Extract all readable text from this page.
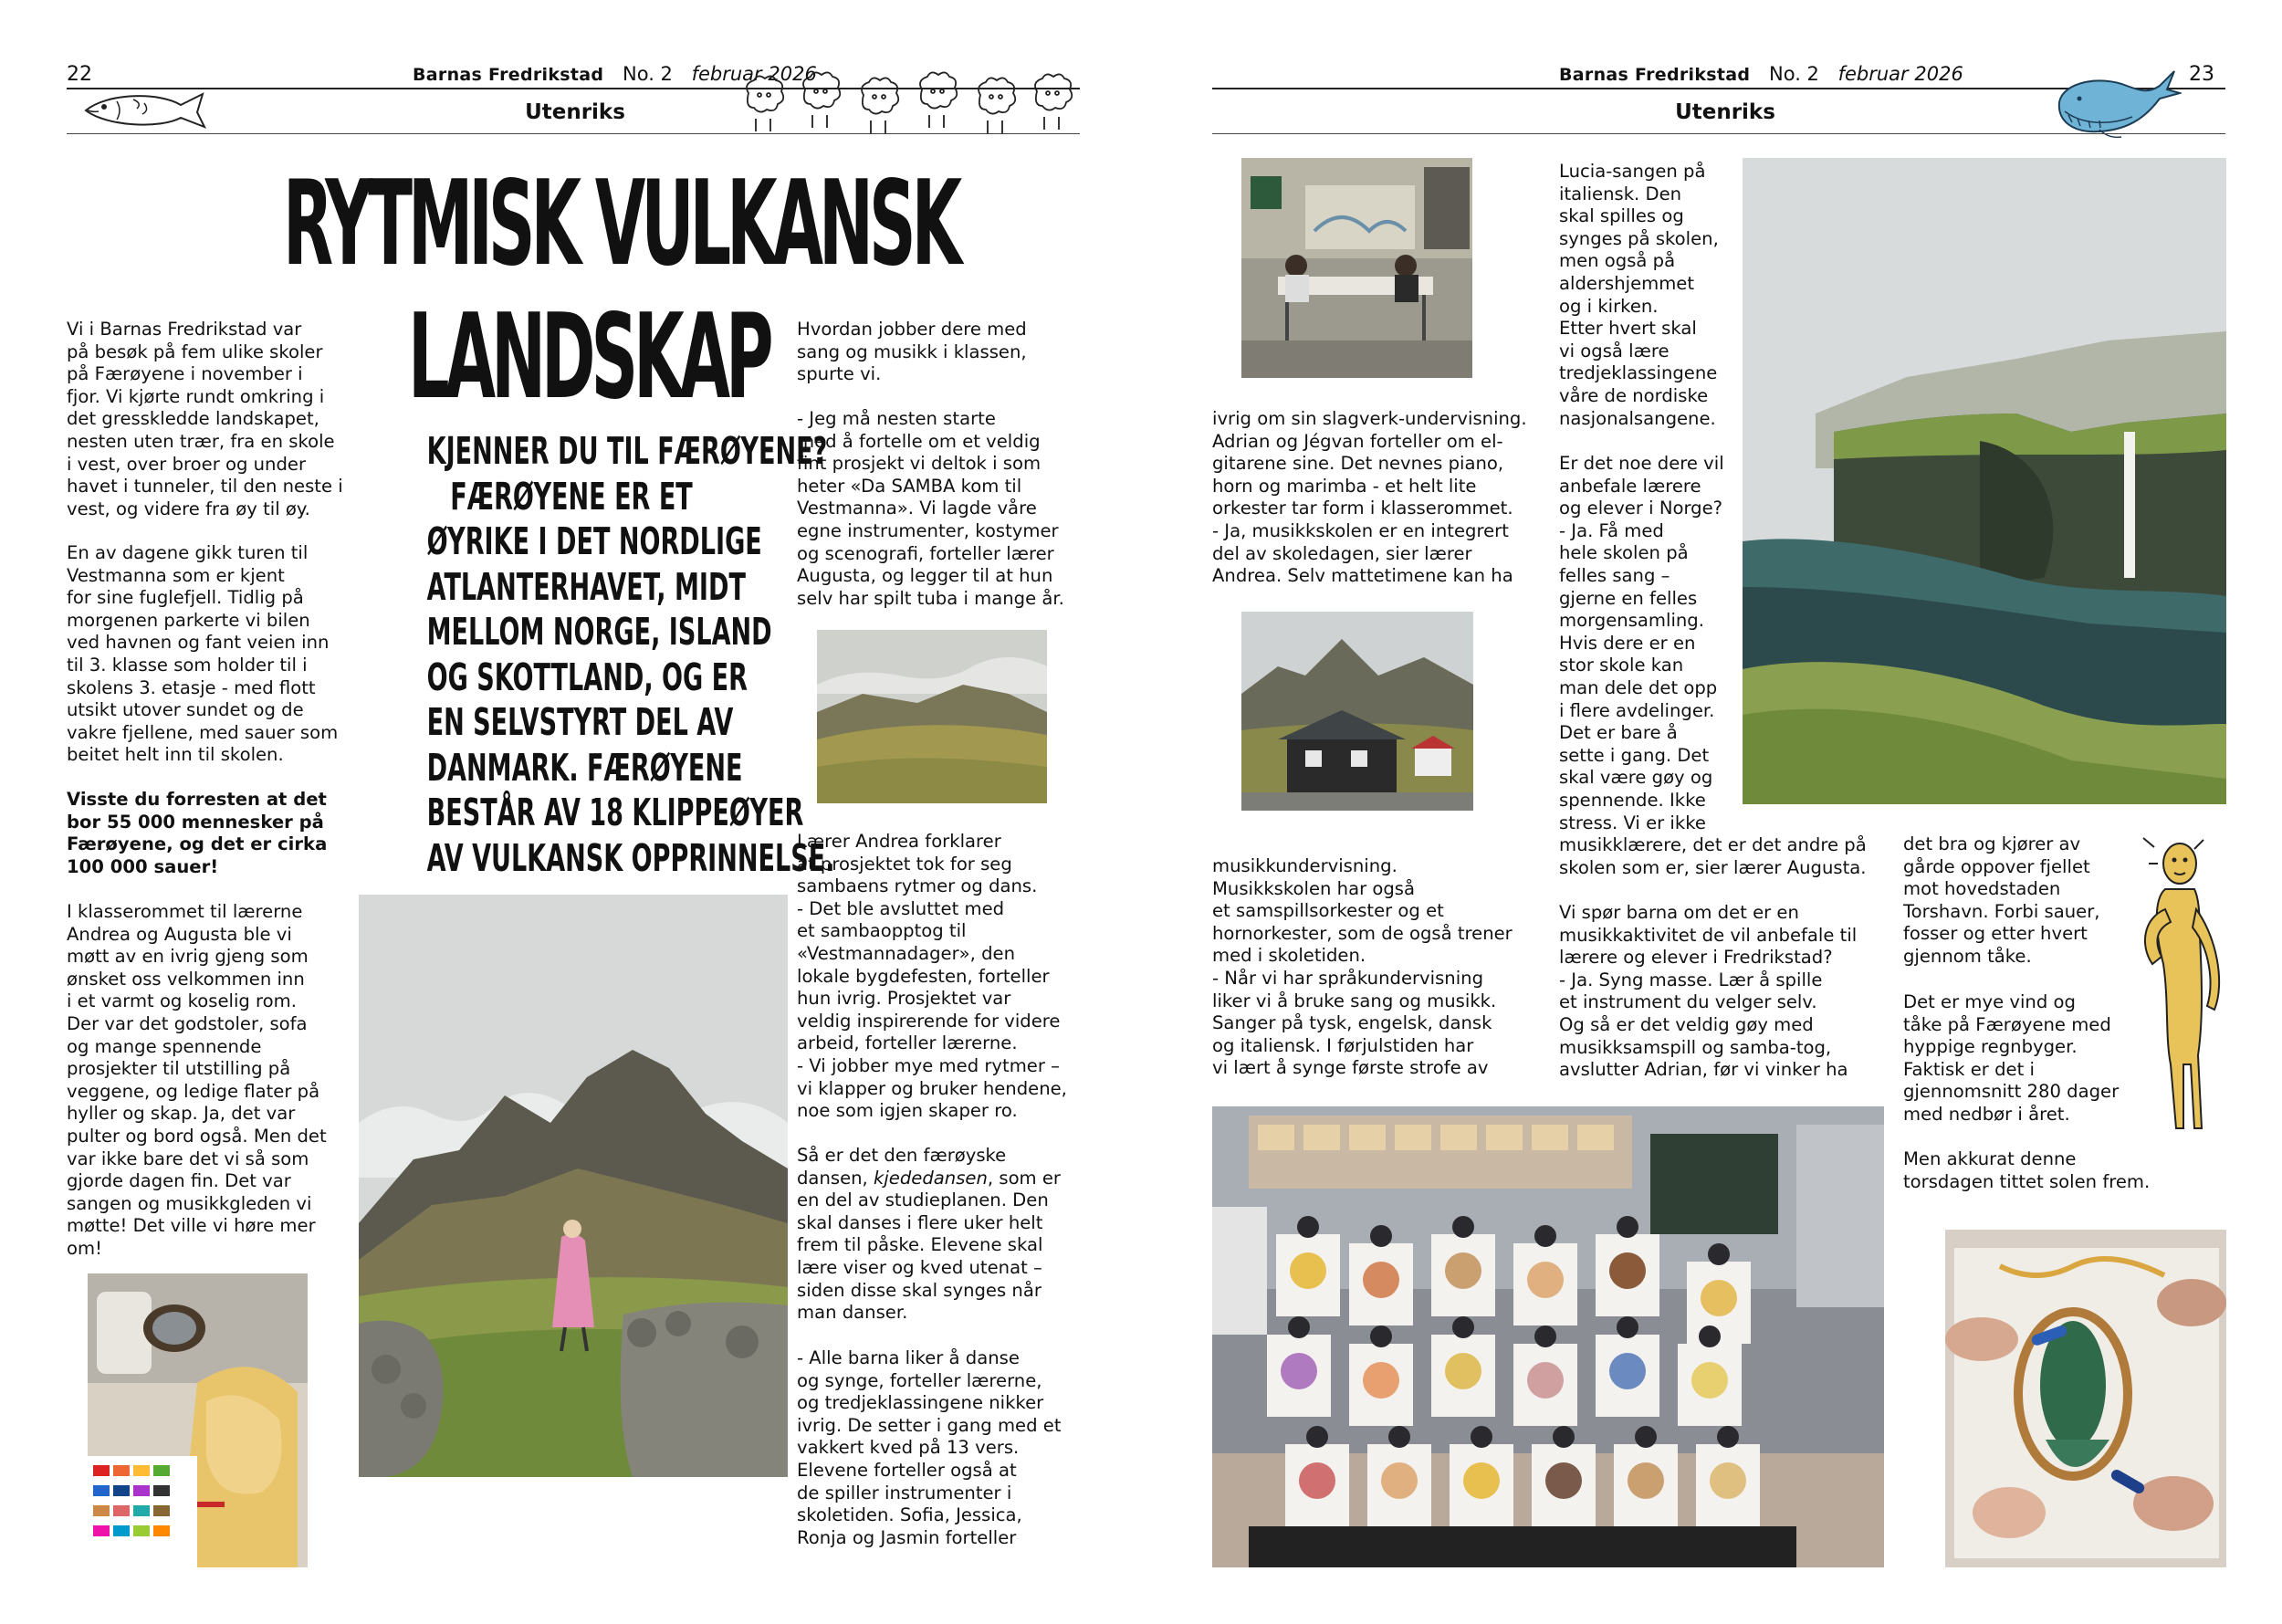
22	Barnas Fredrikstad No. 2 februar 2026
Utenriks
RYTMISK VULKANSK
LANDSKAP
KJENNER DU TIL FÆRØYENE?
FÆRØYENE ER ET
ØYRIKE I DET NORDLIGE
ATLANTERHAVET, MIDT
MELLOM NORGE, ISLAND
OG SKOTTLAND, OG ER
EN SELVSTYRT DEL AV
DANMARK. FÆRØYENE
BESTÅR AV 18 KLIPPEØYER
AV VULKANSK OPPRINNELSE.
Vi i Barnas Fredrikstad var
på besøk på fem ulike skoler
på Færøyene i november i
fjor. Vi kjørte rundt omkring i
det gresskledde landskapet,
nesten uten trær, fra en skole
i vest, over broer og under
havet i tunneler, til den neste i
vest, og videre fra øy til øy.
En av dagene gikk turen til
Vestmanna som er kjent
for sine fuglefjell. Tidlig på
morgenen parkerte vi bilen
ved havnen og fant veien inn
til 3. klasse som holder til i
skolens 3. etasje - med flott
utsikt utover sundet og de
vakre fjellene, med sauer som
beitet helt inn til skolen.
Visste du forresten at det
bor 55 000 mennesker på
Færøyene, og det er cirka
100 000 sauer!
I klasserommet til lærerne
Andrea og Augusta ble vi
møtt av en ivrig gjeng som
ønsket oss velkommen inn
i et varmt og koselig rom.
Der var det godstoler, sofa
og mange spennende
prosjekter til utstilling på
veggene, og ledige flater på
hyller og skap. Ja, det var
pulter og bord også. Men det
var ikke bare det vi så som
gjorde dagen fin. Det var
sangen og musikkgleden vi
møtte! Det ville vi høre mer
om!
Hvordan jobber dere med
sang og musikk i klassen,
spurte vi.
- Jeg må nesten starte
med å fortelle om et veldig
fint prosjekt vi deltok i som
heter «Da SAMBA kom til
Vestmanna». Vi lagde våre
egne instrumenter, kostymer
og scenografi, forteller lærer
Augusta, og legger til at hun
selv har spilt tuba i mange år.
Lærer Andrea forklarer
at prosjektet tok for seg
sambaens rytmer og dans.
- Det ble avsluttet med
et sambaopptog til
«Vestmannadager», den
lokale bygdefesten, forteller
hun ivrig. Prosjektet var
veldig inspirerende for videre
arbeid, forteller lærerne.
- Vi jobber mye med rytmer –
vi klapper og bruker hendene,
noe som igjen skaper ro.
Så er det den færøyske
dansen, kjededansen, som er
en del av studieplanen. Den
skal danses i flere uker helt
frem til påske. Elevene skal
lære viser og kved utenat –
siden disse skal synges når
man danser.
- Alle barna liker å danse
og synge, forteller lærerne,
og tredjeklassingene nikker
ivrig. De setter i gang med et
vakkert kved på 13 vers.
Elevene forteller også at
de spiller instrumenter i
skoletiden. Sofia, Jessica,
Ronja og Jasmin forteller
Barnas Fredrikstad No. 2 februar 2026	23
Utenriks
ivrig om sin slagverk-undervisning.
Adrian og Jégvan forteller om el-
gitarene sine. Det nevnes piano,
horn og marimba - et helt lite
orkester tar form i klasserommet.
- Ja, musikkskolen er en integrert
del av skoledagen, sier lærer
Andrea. Selv mattetimene kan ha
musikkundervisning.
Musikkskolen har også
et samspillsorkester og et
hornorkester, som de også trener
med i skoletiden.
- Når vi har språkundervisning
liker vi å bruke sang og musikk.
Sanger på tysk, engelsk, dansk
og italiensk. I førjulstiden har
vi lært å synge første strofe av
Lucia-sangen på
italiensk. Den
skal spilles og
synges på skolen,
men også på
aldershjemmet
og i kirken.
Etter hvert skal
vi også lære
tredjeklassingene
våre de nordiske
nasjonalsangene.
Er det noe dere vil
anbefale lærere
og elever i Norge?
- Ja. Få med
hele skolen på
felles sang –
gjerne en felles
morgensamling.
Hvis dere er en
stor skole kan
man dele det opp
i flere avdelinger.
Det er bare å
sette i gang. Det
skal være gøy og
spennende. Ikke
stress. Vi er ikke
musikklærere, det er det andre på
skolen som er, sier lærer Augusta.
Vi spør barna om det er en
musikkaktivitet de vil anbefale til
lærere og elever i Fredrikstad?
- Ja. Syng masse. Lær å spille
et instrument du velger selv.
Og så er det veldig gøy med
musikksamspill og samba-tog,
avslutter Adrian, før vi vinker ha
det bra og kjører av
gårde oppover fjellet
mot hovedstaden
Torshavn. Forbi sauer,
fosser og etter hvert
gjennom tåke.
Det er mye vind og
tåke på Færøyene med
hyppige regnbyger.
Faktisk er det i
gjennomsnitt 280 dager
med nedbør i året.
Men akkurat denne
torsdagen tittet solen frem.
